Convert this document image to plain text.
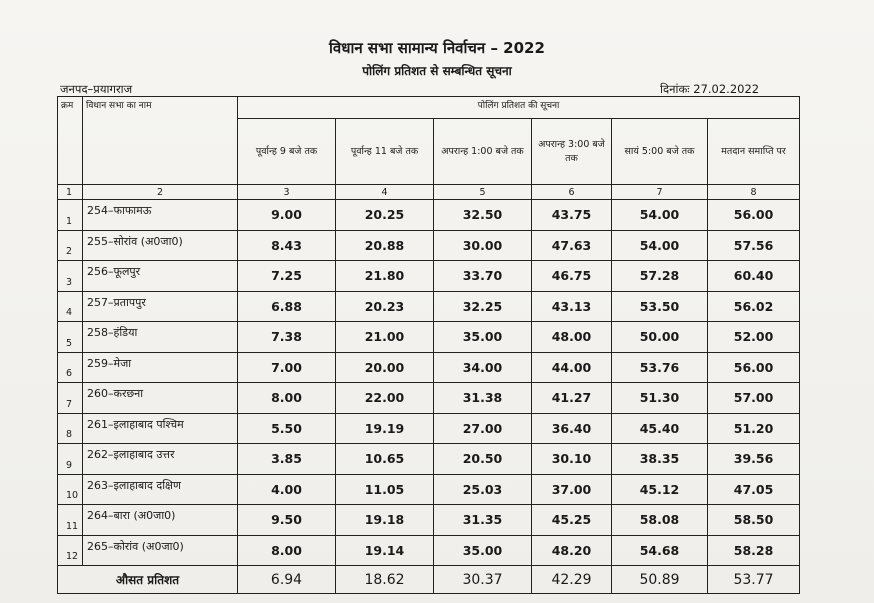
विधान सभा सामान्य निर्वाचन – 2022
पोलिंग प्रतिशत से सम्बन्धित सूचना
जनपद–प्रयागराज	दिनांकः 27.02.2022
क्रम	विधान सभा का नाम	पोलिंग प्रतिशत की सूचना					
		पूर्वान्ह 9 बजे तक	पूर्वान्ह 11 बजे तक	अपरान्ह 1:00 बजे तक	अपरान्ह 3:00 बजे तक	सायं 5:00 बजे तक	मतदान समाप्ति पर
1	2	3	4	5	6	7	8
1	254–फाफामऊ	9.00	20.25	32.50	43.75	54.00	56.00
2	255–सोरांव (अ0जा0)	8.43	20.88	30.00	47.63	54.00	57.56
3	256–फूलपुर	7.25	21.80	33.70	46.75	57.28	60.40
4	257–प्रतापपुर	6.88	20.23	32.25	43.13	53.50	56.02
5	258–हंडिया	7.38	21.00	35.00	48.00	50.00	52.00
6	259–मेजा	7.00	20.00	34.00	44.00	53.76	56.00
7	260–करछना	8.00	22.00	31.38	41.27	51.30	57.00
8	261–इलाहाबाद पश्चिम	5.50	19.19	27.00	36.40	45.40	51.20
9	262–इलाहाबाद उत्तर	3.85	10.65	20.50	30.10	38.35	39.56
10	263–इलाहाबाद दक्षिण	4.00	11.05	25.03	37.00	45.12	47.05
11	264–बारा (अ0जा0)	9.50	19.18	31.35	45.25	58.08	58.50
12	265–कोरांव (अ0जा0)	8.00	19.14	35.00	48.20	54.68	58.28
औसत प्रतिशत		6.94	18.62	30.37	42.29	50.89	53.77
